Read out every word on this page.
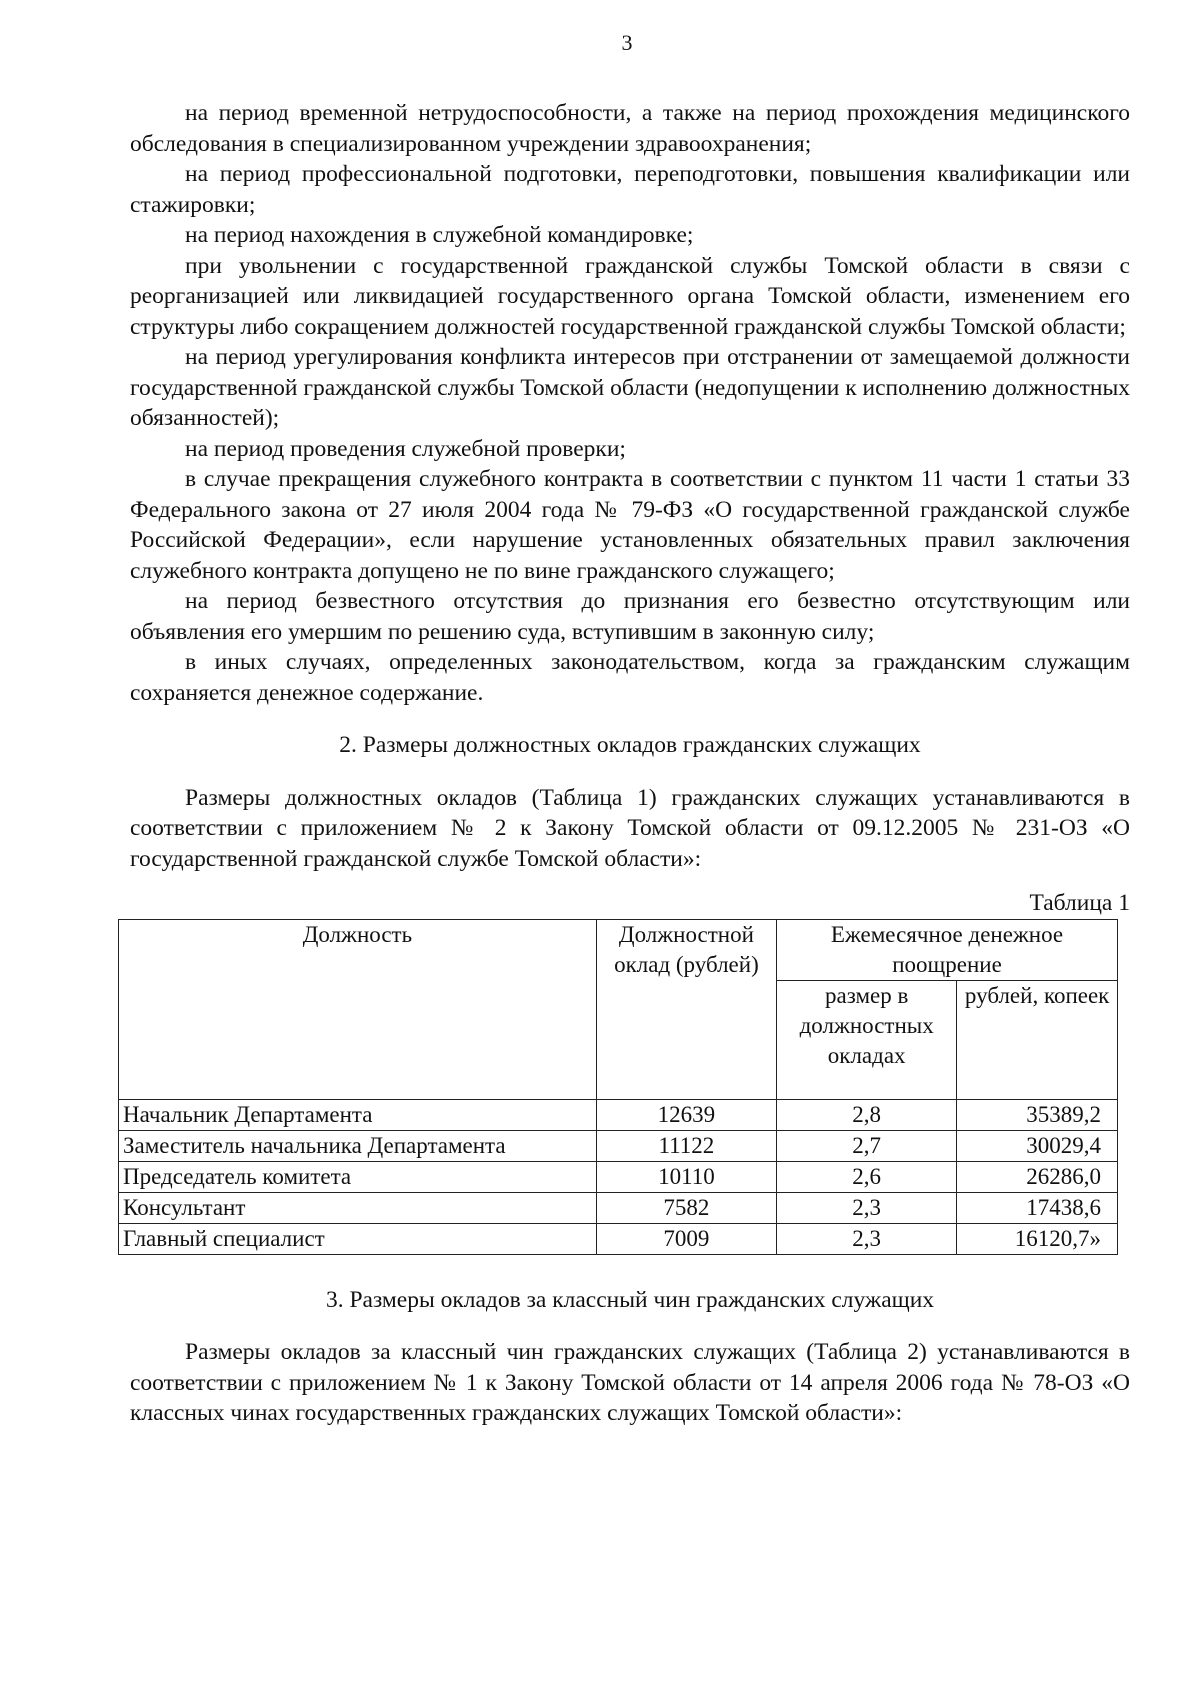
3

на период временной нетрудоспособности, а также на период прохождения медицинского обследования в специализированном учреждении здравоохранения;

на период профессиональной подготовки, переподготовки, повышения квалификации или стажировки;

на период нахождения в служебной командировке;

при увольнении с государственной гражданской службы Томской области в связи с реорганизацией или ликвидацией государственного органа Томской области, изменением его структуры либо сокращением должностей государственной гражданской службы Томской области;

на период урегулирования конфликта интересов при отстранении от замещаемой должности государственной гражданской службы Томской области (недопущении к исполнению должностных обязанностей);

на период проведения служебной проверки;

в случае прекращения служебного контракта в соответствии с пунктом 11 части 1 статьи 33 Федерального закона от 27 июля 2004 года № 79-ФЗ «О государственной гражданской службе Российской Федерации», если нарушение установленных обязательных правил заключения служебного контракта допущено не по вине гражданского служащего;

на период безвестного отсутствия до признания его безвестно отсутствующим или объявления его умершим по решению суда, вступившим в законную силу;

в иных случаях, определенных законодательством, когда за гражданским служащим сохраняется денежное содержание.

2. Размеры должностных окладов гражданских служащих

Размеры должностных окладов (Таблица 1) гражданских служащих устанавливаются в соответствии с приложением № 2 к Закону Томской области от 09.12.2005 № 231-ОЗ «О государственной гражданской службе Томской области»:

Таблица 1
Должность	Должностной оклад (рублей)	Ежемесячное денежное поощрение	
		размер в должностных окладах	рублей, копеек
Начальник Департамента	12639	2,8	35389,2
Заместитель начальника Департамента	11122	2,7	30029,4
Председатель комитета	10110	2,6	26286,0
Консультант	7582	2,3	17438,6
Главный специалист	7009	2,3	16120,7»

3. Размеры окладов за классный чин гражданских служащих

Размеры окладов за классный чин гражданских служащих (Таблица 2) устанавливаются в соответствии с приложением № 1 к Закону Томской области от 14 апреля 2006 года № 78-ОЗ «О классных чинах государственных гражданских служащих Томской области»:
